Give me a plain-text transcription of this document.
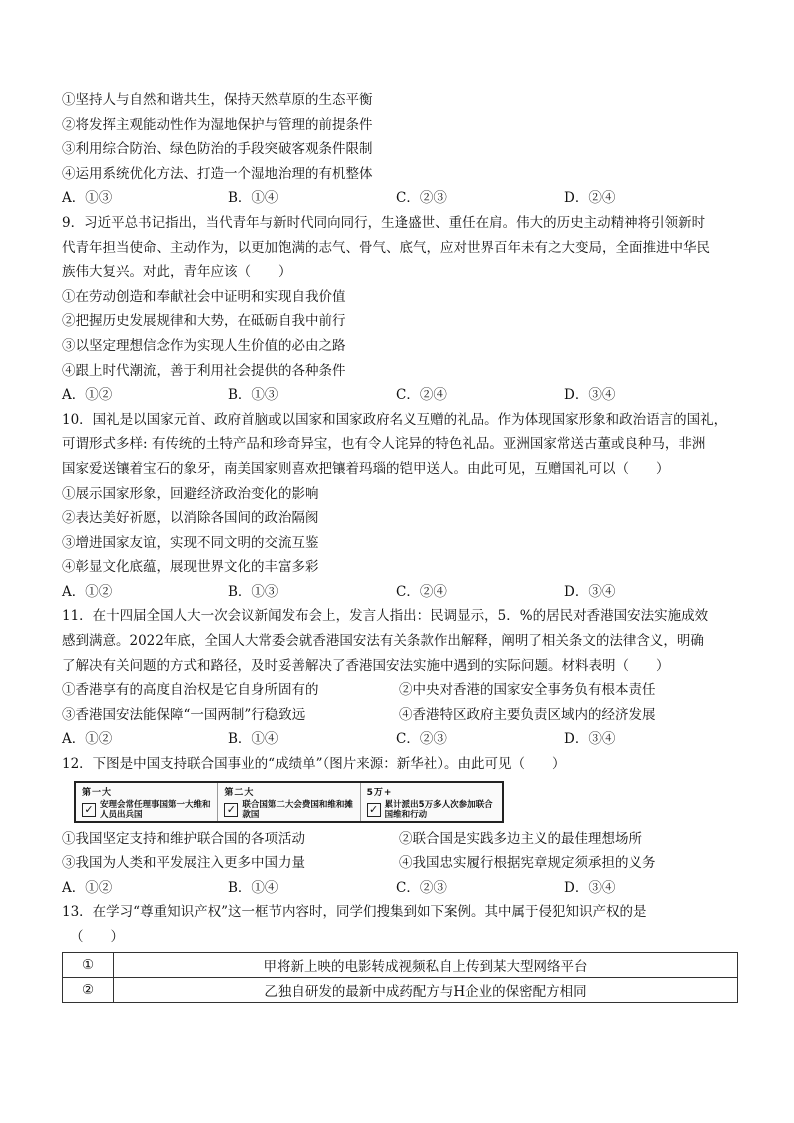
①坚持人与自然和谐共生，保持天然草原的生态平衡
②将发挥主观能动性作为湿地保护与管理的前提条件
③利用综合防治、绿色防治的手段突破客观条件限制
④运用系统优化方法、打造一个湿地治理的有机整体
A．①③	B．①④	C．②③	D．②④
9．习近平总书记指出，当代青年与新时代同向同行，生逢盛世、重任在肩。伟大的历史主动精神将引领新时
代青年担当使命、主动作为，以更加饱满的志气、骨气、底气，应对世界百年未有之大变局，全面推进中华民
族伟大复兴。对此，青年应该（　　）
①在劳动创造和奉献社会中证明和实现自我价值
②把握历史发展规律和大势，在砥砺自我中前行
③以坚定理想信念作为实现人生价值的必由之路
④跟上时代潮流，善于利用社会提供的各种条件
A．①②	B．①③	C．②④	D．③④
10．国礼是以国家元首、政府首脑或以国家和国家政府名义互赠的礼品。作为体现国家形象和政治语言的国礼，
可谓形式多样: 有传统的土特产品和珍奇异宝，也有令人诧异的特色礼品。亚洲国家常送古董或良种马，非洲
国家爱送镶着宝石的象牙，南美国家则喜欢把镶着玛瑙的铠甲送人。由此可见，互赠国礼可以（　　）
①展示国家形象，回避经济政治变化的影响
②表达美好祈愿，以消除各国间的政治隔阂
③增进国家友谊，实现不同文明的交流互鉴
④彰显文化底蕴，展现世界文化的丰富多彩
A．①②	B．①③	C．②④	D．③④
11．在十四届全国人大一次会议新闻发布会上，发言人指出：民调显示，5．%的居民对香港国安法实施成效
感到满意。2022年底，全国人大常委会就香港国安法有关条款作出解释，阐明了相关条文的法律含义，明确
了解决有关问题的方式和路径，及时妥善解决了香港国安法实施中遇到的实际问题。材料表明（　　）
①香港享有的高度自治权是它自身所固有的	②中央对香港的国家安全事务负有根本责任
③香港国安法能保障“一国两制”行稳致远	④香港特区政府主要负责区域内的经济发展
A．①②	B．①④	C．②③	D．③④
12．下图是中国支持联合国事业的“成绩单”（图片来源：新华社）。由此可见（　　）
第一大
✓ 安理会常任理事国第一大维和人员出兵国
第二大
✓ 联合国第二大会费国和维和摊款国
5万+
✓ 累计派出5万多人次参加联合国维和行动
①我国坚定支持和维护联合国的各项活动	②联合国是实践多边主义的最佳理想场所
③我国为人类和平发展注入更多中国力量	④我国忠实履行根据宪章规定须承担的义务
A．①②	B．①④	C．②③	D．③④
13．在学习“尊重知识产权”这一框节内容时，同学们搜集到如下案例。其中属于侵犯知识产权的是
（　　）
①	甲将新上映的电影转成视频私自上传到某大型网络平台
②	乙独自研发的最新中成药配方与H企业的保密配方相同
